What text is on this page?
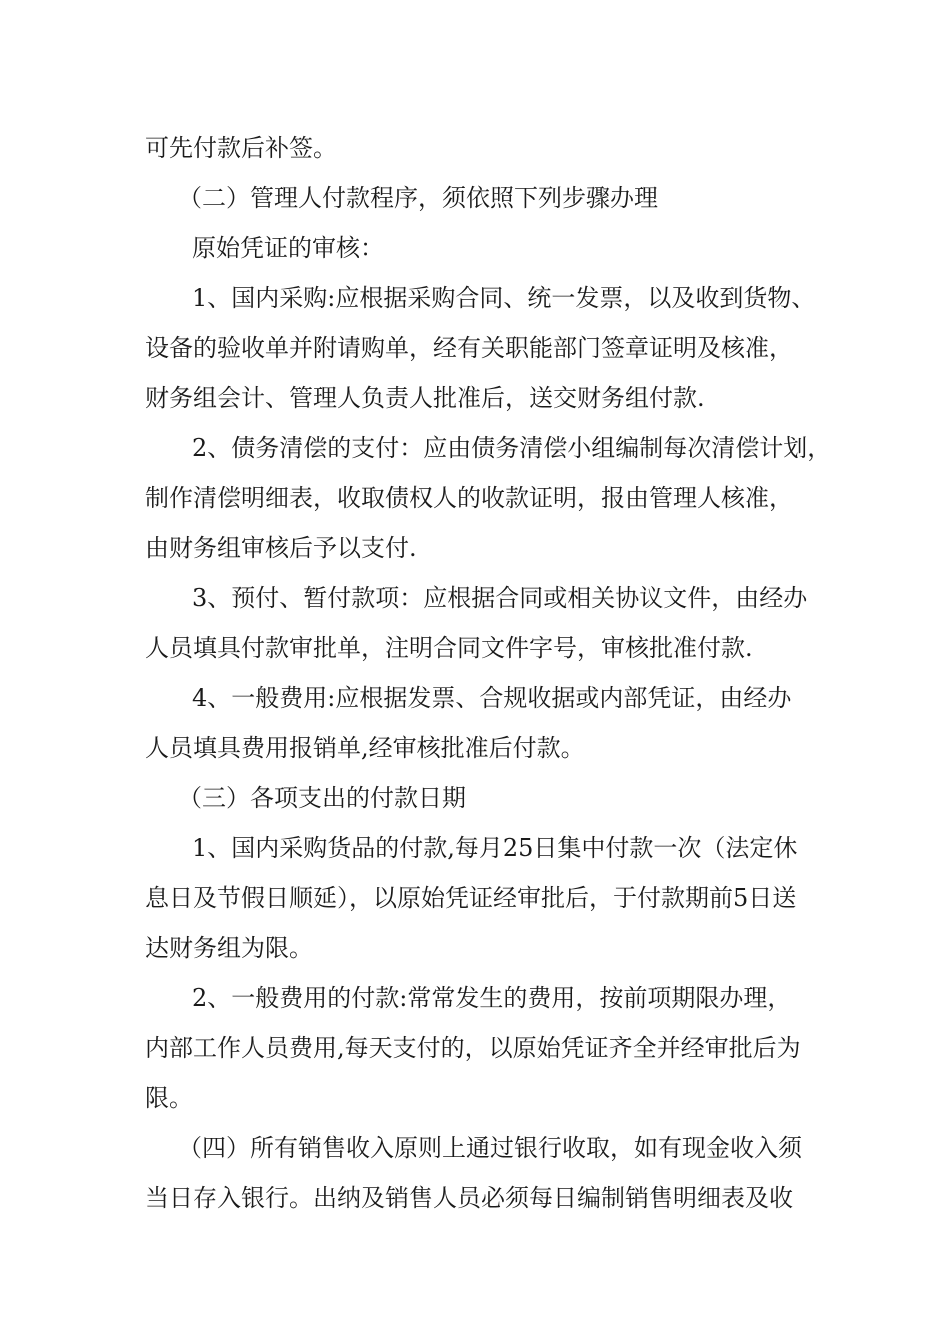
可先付款后补签。
（二）管理人付款程序，须依照下列步骤办理
原始凭证的审核：
1、国内采购:应根据采购合同、统一发票，以及收到货物、
设备的验收单并附请购单，经有关职能部门签章证明及核准，
财务组会计、管理人负责人批准后，送交财务组付款.
2、债务清偿的支付：应由债务清偿小组编制每次清偿计划，
制作清偿明细表，收取债权人的收款证明，报由管理人核准，
由财务组审核后予以支付.
3、预付、暂付款项：应根据合同或相关协议文件，由经办
人员填具付款审批单，注明合同文件字号，审核批准付款.
4、一般费用:应根据发票、合规收据或内部凭证，由经办
人员填具费用报销单,经审核批准后付款。
（三）各项支出的付款日期
1、国内采购货品的付款,每月25日集中付款一次（法定休
息日及节假日顺延），以原始凭证经审批后，于付款期前5日送
达财务组为限。
2、一般费用的付款:常常发生的费用，按前项期限办理，
内部工作人员费用,每天支付的，以原始凭证齐全并经审批后为
限。
（四）所有销售收入原则上通过银行收取，如有现金收入须
当日存入银行。出纳及销售人员必须每日编制销售明细表及收
